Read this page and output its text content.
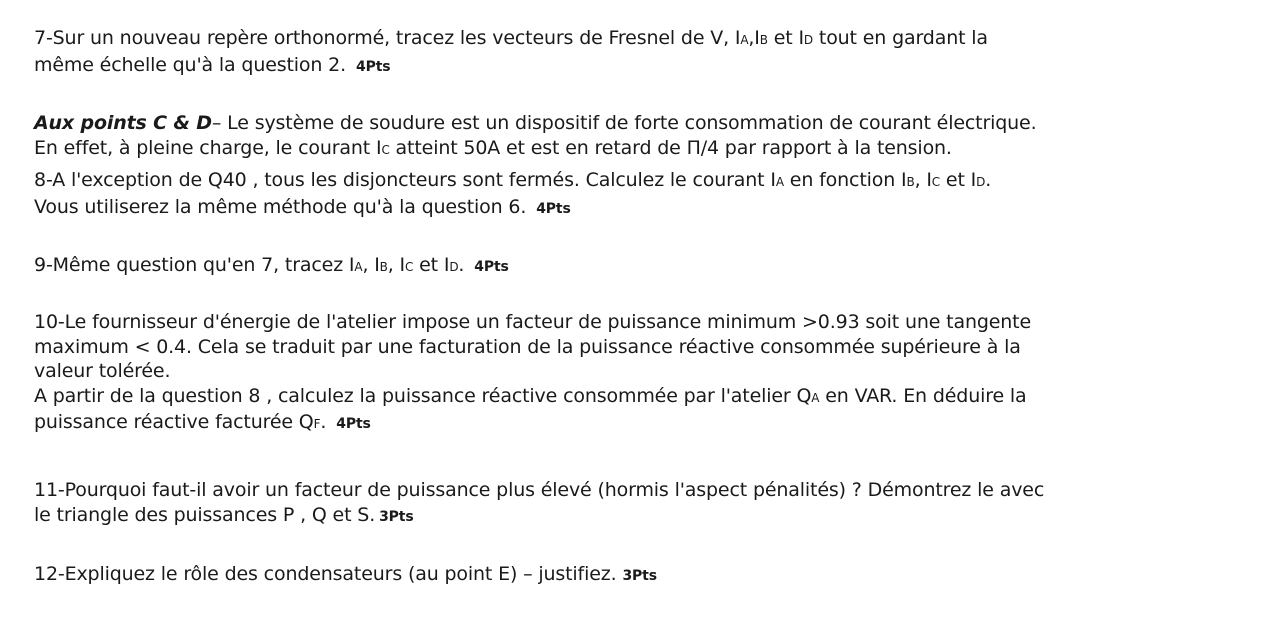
7-Sur un nouveau repère orthonormé, tracez les vecteurs de Fresnel de V, IA,IB et ID tout en gardant la
même échelle qu'à la question 2. 4Pts
Aux points C & D– Le système de soudure est un dispositif de forte consommation de courant électrique.
En effet, à pleine charge, le courant IC atteint 50A et est en retard de Π/4 par rapport à la tension.
8-A l'exception de Q40 , tous les disjoncteurs sont fermés. Calculez le courant IA en fonction IB, IC et ID.
Vous utiliserez la même méthode qu'à la question 6. 4Pts
9-Même question qu'en 7, tracez IA, IB, IC et ID. 4Pts
10-Le fournisseur d'énergie de l'atelier impose un facteur de puissance minimum >0.93 soit une tangente
maximum < 0.4. Cela se traduit par une facturation de la puissance réactive consommée supérieure à la
valeur tolérée.
A partir de la question 8 , calculez la puissance réactive consommée par l'atelier QA en VAR. En déduire la
puissance réactive facturée QF. 4Pts
11-Pourquoi faut-il avoir un facteur de puissance plus élevé (hormis l'aspect pénalités) ? Démontrez le avec
le triangle des puissances P , Q et S. 3Pts
12-Expliquez le rôle des condensateurs (au point E) – justifiez. 3Pts
